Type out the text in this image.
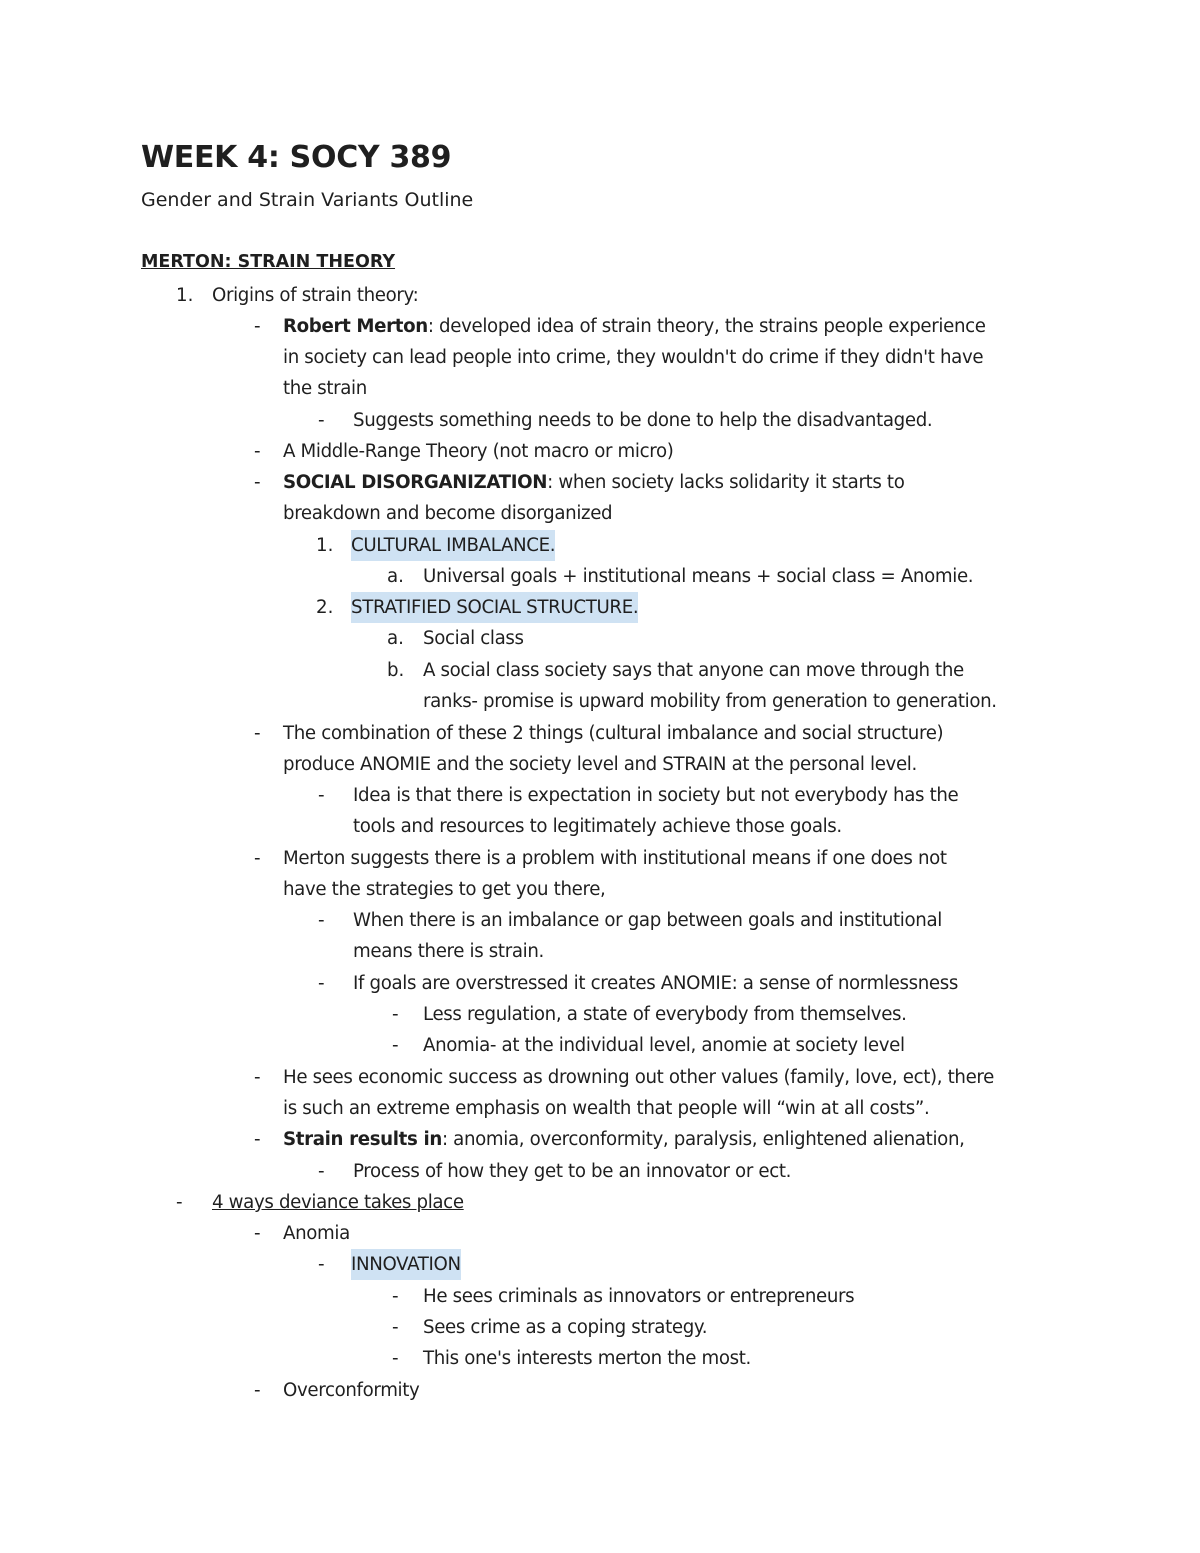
WEEK 4: SOCY 389
Gender and Strain Variants Outline
MERTON: STRAIN THEORY
1. Origins of strain theory:
- Robert Merton: developed idea of strain theory, the strains people experience
in society can lead people into crime, they wouldn't do crime if they didn't have
the strain
- Suggests something needs to be done to help the disadvantaged.
- A Middle-Range Theory (not macro or micro)
- SOCIAL DISORGANIZATION: when society lacks solidarity it starts to
breakdown and become disorganized
1. CULTURAL IMBALANCE.
a. Universal goals + institutional means + social class = Anomie.
2. STRATIFIED SOCIAL STRUCTURE.
a. Social class
b. A social class society says that anyone can move through the
ranks- promise is upward mobility from generation to generation.
- The combination of these 2 things (cultural imbalance and social structure)
produce ANOMIE and the society level and STRAIN at the personal level.
- Idea is that there is expectation in society but not everybody has the
tools and resources to legitimately achieve those goals.
- Merton suggests there is a problem with institutional means if one does not
have the strategies to get you there,
- When there is an imbalance or gap between goals and institutional
means there is strain.
- If goals are overstressed it creates ANOMIE: a sense of normlessness
- Less regulation, a state of everybody from themselves.
- Anomia- at the individual level, anomie at society level
- He sees economic success as drowning out other values (family, love, ect), there
is such an extreme emphasis on wealth that people will “win at all costs”.
- Strain results in: anomia, overconformity, paralysis, enlightened alienation,
- Process of how they get to be an innovator or ect.
- 4 ways deviance takes place
- Anomia
- INNOVATION
- He sees criminals as innovators or entrepreneurs
- Sees crime as a coping strategy.
- This one's interests merton the most.
- Overconformity
